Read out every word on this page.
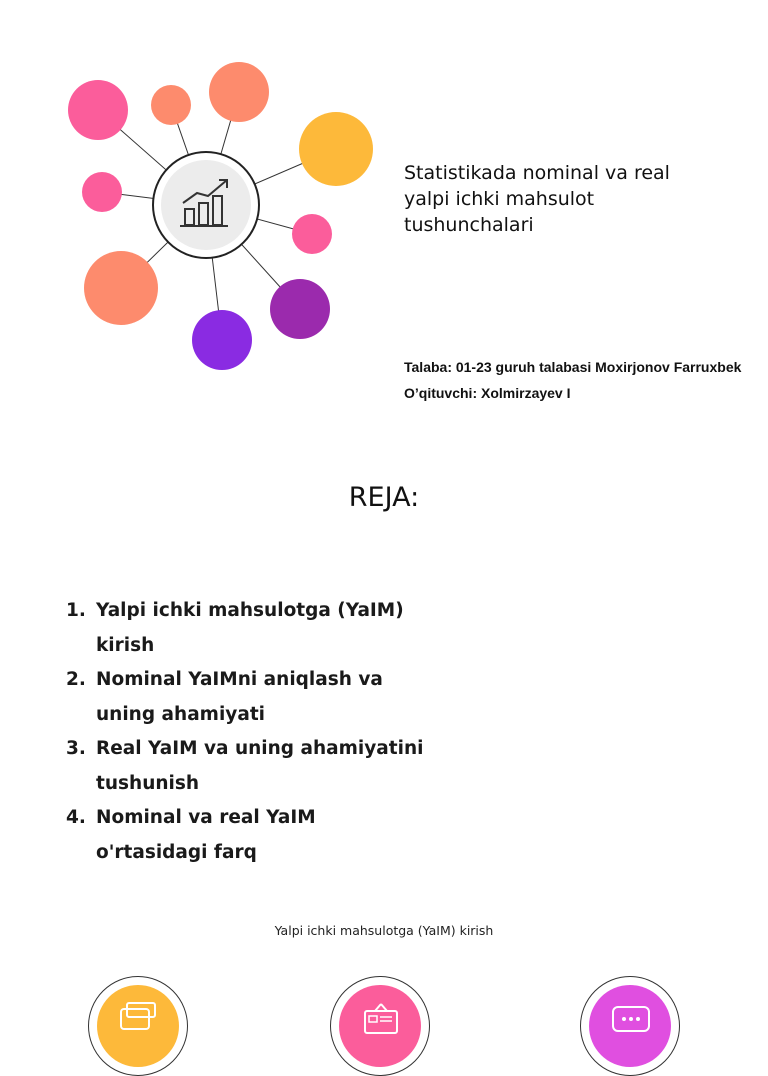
Statistikada nominal va real
yalpi ichki mahsulot
tushunchalari
Talaba: 01-23 guruh talabasi Moxirjonov Farruxbek
O’qituvchi: Xolmirzayev I
REJA:
1. Yalpi ichki mahsulotga (YaIM)
kirish
2. Nominal YaIMni aniqlash va
uning ahamiyati
3. Real YaIM va uning ahamiyatini
tushunish
4. Nominal va real YaIM
o'rtasidagi farq
Yalpi ichki mahsulotga (YaIM) kirish
